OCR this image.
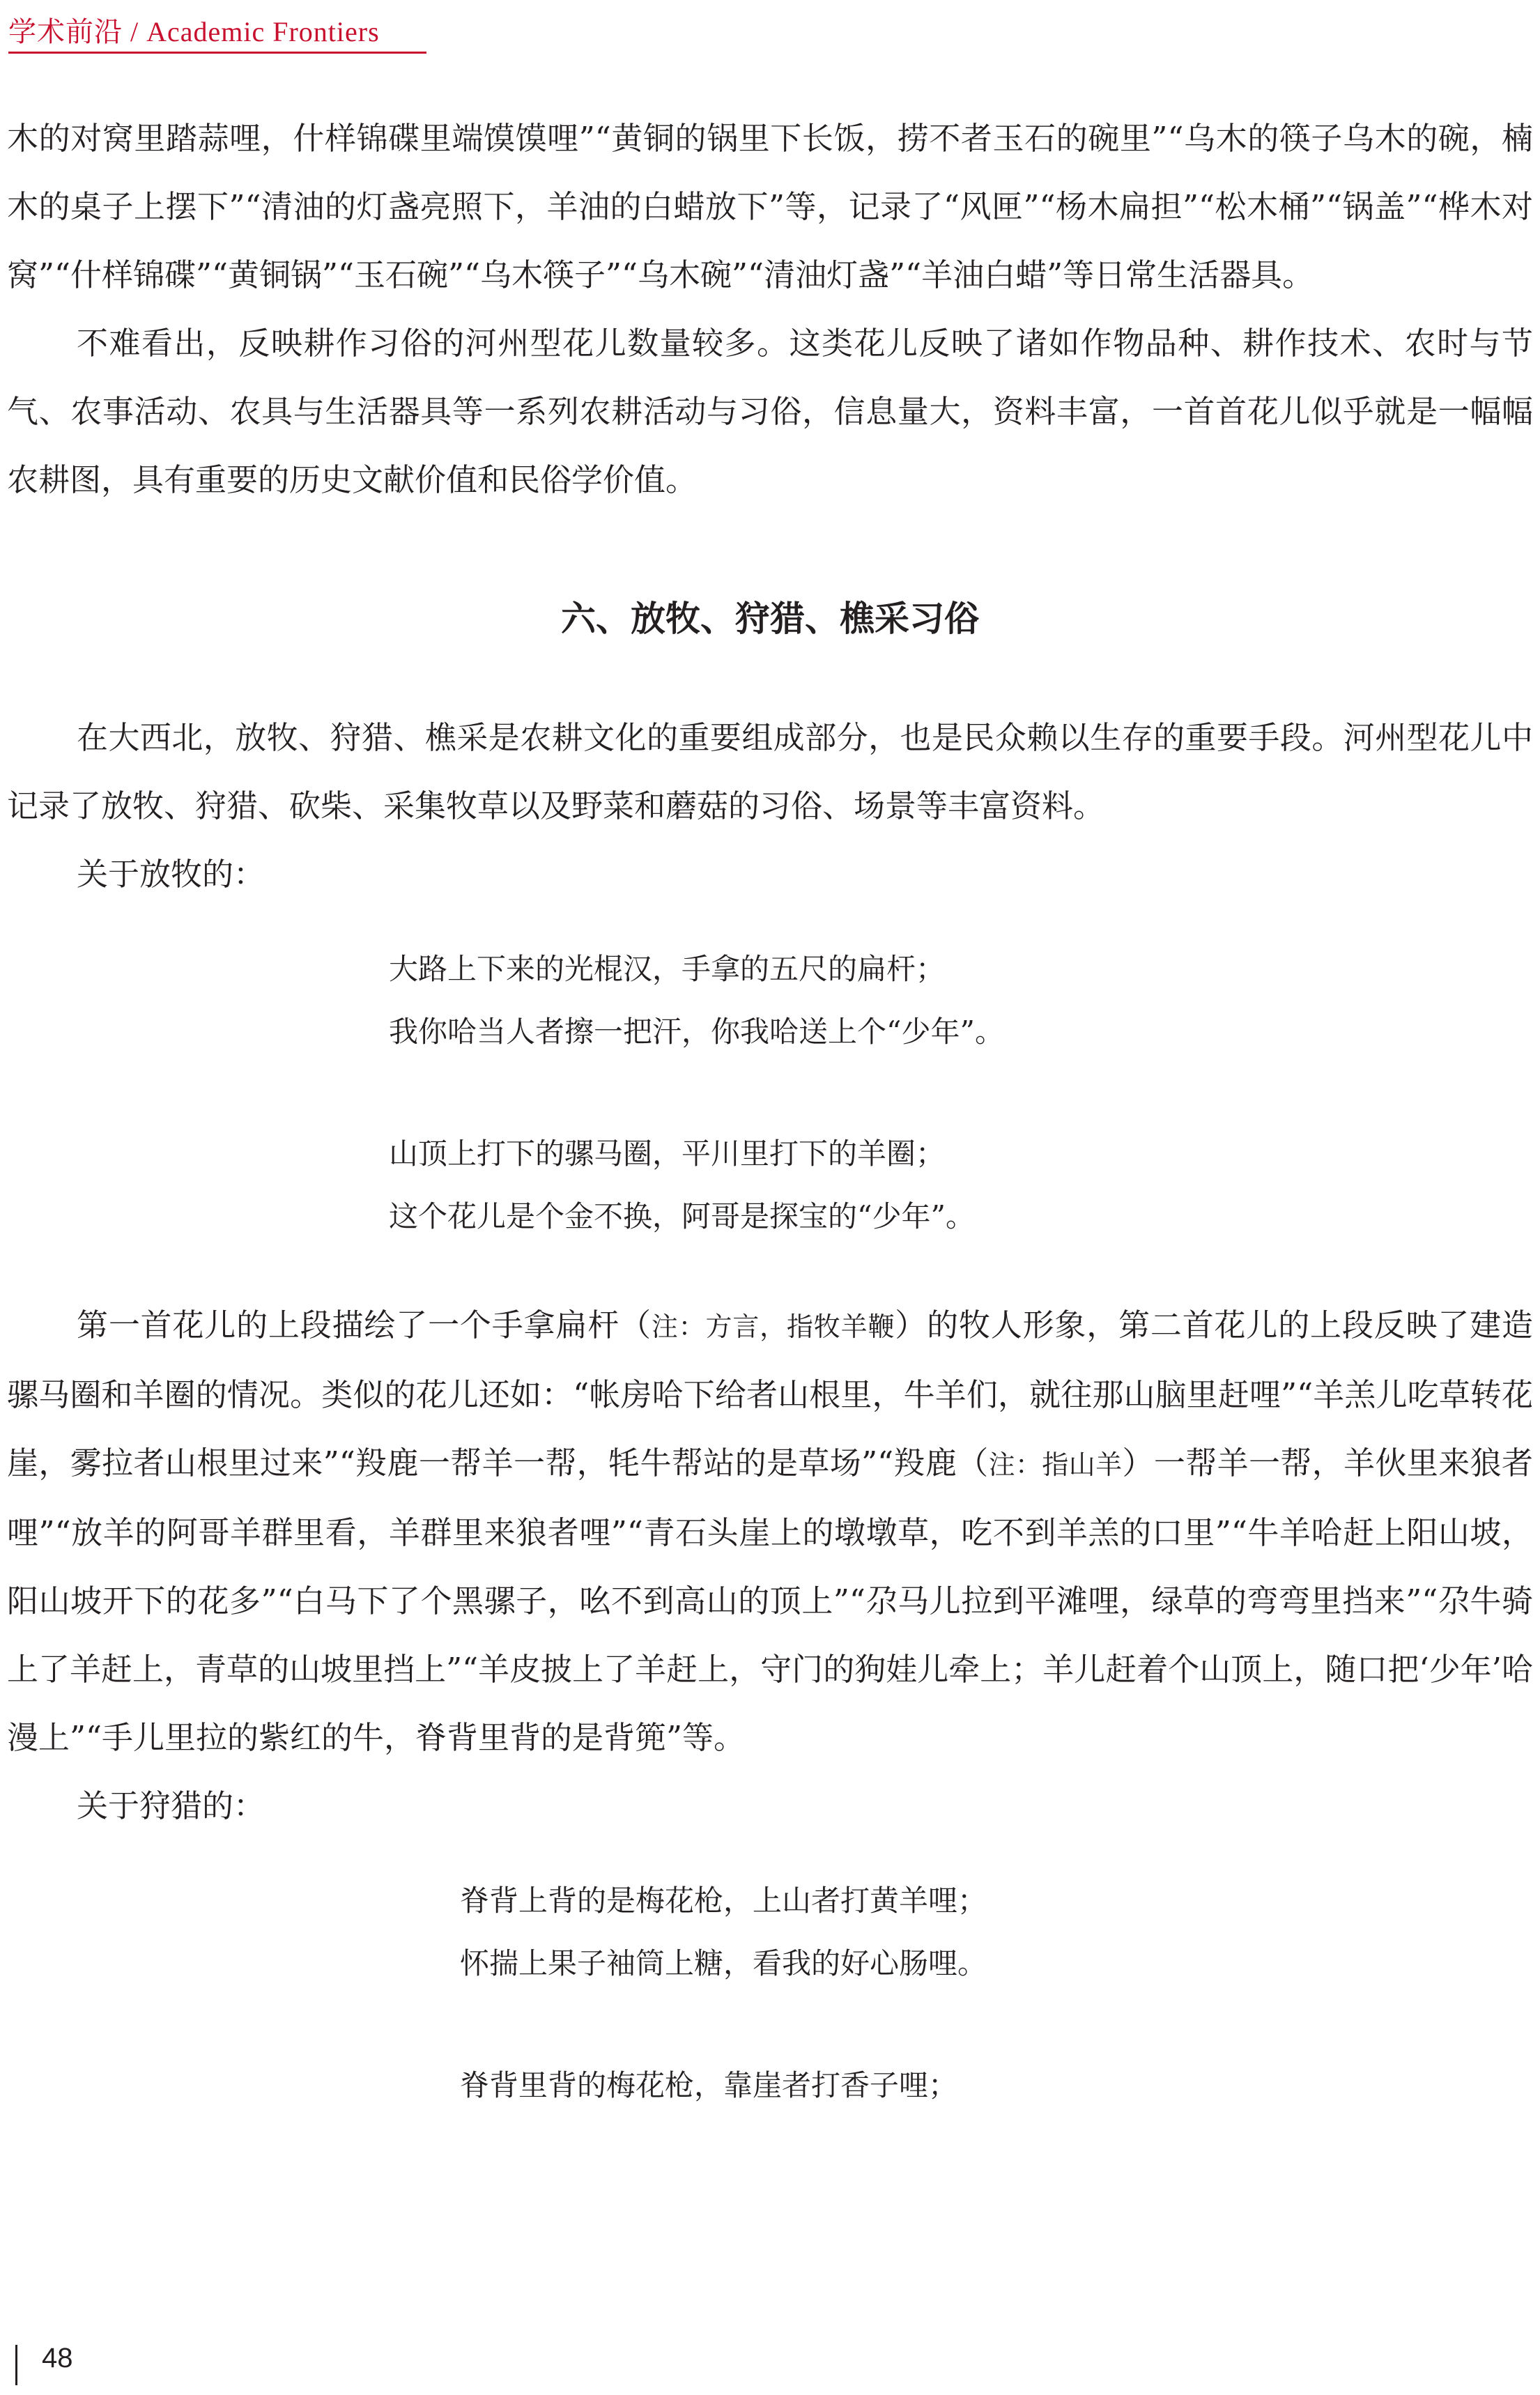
学术前沿 / Academic Frontiers

木的对窝里踏蒜哩，什样锦碟里端馍馍哩”“黄铜的锅里下长饭，捞不者玉石的碗里”“乌木的筷子乌木的碗，楠木的桌子上摆下”“清油的灯盏亮照下，羊油的白蜡放下”等，记录了“风匣”“杨木扁担”“松木桶”“锅盖”“桦木对窝”“什样锦碟”“黄铜锅”“玉石碗”“乌木筷子”“乌木碗”“清油灯盏”“羊油白蜡”等日常生活器具。

不难看出，反映耕作习俗的河州型花儿数量较多。这类花儿反映了诸如作物品种、耕作技术、农时与节气、农事活动、农具与生活器具等一系列农耕活动与习俗，信息量大，资料丰富，一首首花儿似乎就是一幅幅农耕图，具有重要的历史文献价值和民俗学价值。

六、放牧、狩猎、樵采习俗

在大西北，放牧、狩猎、樵采是农耕文化的重要组成部分，也是民众赖以生存的重要手段。河州型花儿中记录了放牧、狩猎、砍柴、采集牧草以及野菜和蘑菇的习俗、场景等丰富资料。

关于放牧的：

大路上下来的光棍汉，手拿的五尺的扁杆；
我你哈当人者擦一把汗，你我哈送上个“少年”。
山顶上打下的骡马圈，平川里打下的羊圈；
这个花儿是个金不换，阿哥是探宝的“少年”。

第一首花儿的上段描绘了一个手拿扁杆（注：方言，指牧羊鞭）的牧人形象，第二首花儿的上段反映了建造骡马圈和羊圈的情况。类似的花儿还如：“帐房哈下给者山根里，牛羊们，就往那山脑里赶哩”“羊羔儿吃草转花崖，雾拉者山根里过来”“羖鹿一帮羊一帮，牦牛帮站的是草场”“羖鹿（注：指山羊）一帮羊一帮，羊伙里来狼者哩”“放羊的阿哥羊群里看，羊群里来狼者哩”“青石头崖上的墩墩草，吃不到羊羔的口里”“牛羊哈赶上阳山坡，阳山坡开下的花多”“白马下了个黑骡子，吆不到高山的顶上”“尕马儿拉到平滩哩，绿草的弯弯里挡来”“尕牛骑上了羊赶上，青草的山坡里挡上”“羊皮披上了羊赶上，守门的狗娃儿牵上；羊儿赶着个山顶上，随口把‘少年’哈漫上”“手儿里拉的紫红的牛，脊背里背的是背篼”等。

关于狩猎的：

脊背上背的是梅花枪，上山者打黄羊哩；
怀揣上果子袖筒上糖，看我的好心肠哩。
脊背里背的梅花枪，靠崖者打香子哩；
48
